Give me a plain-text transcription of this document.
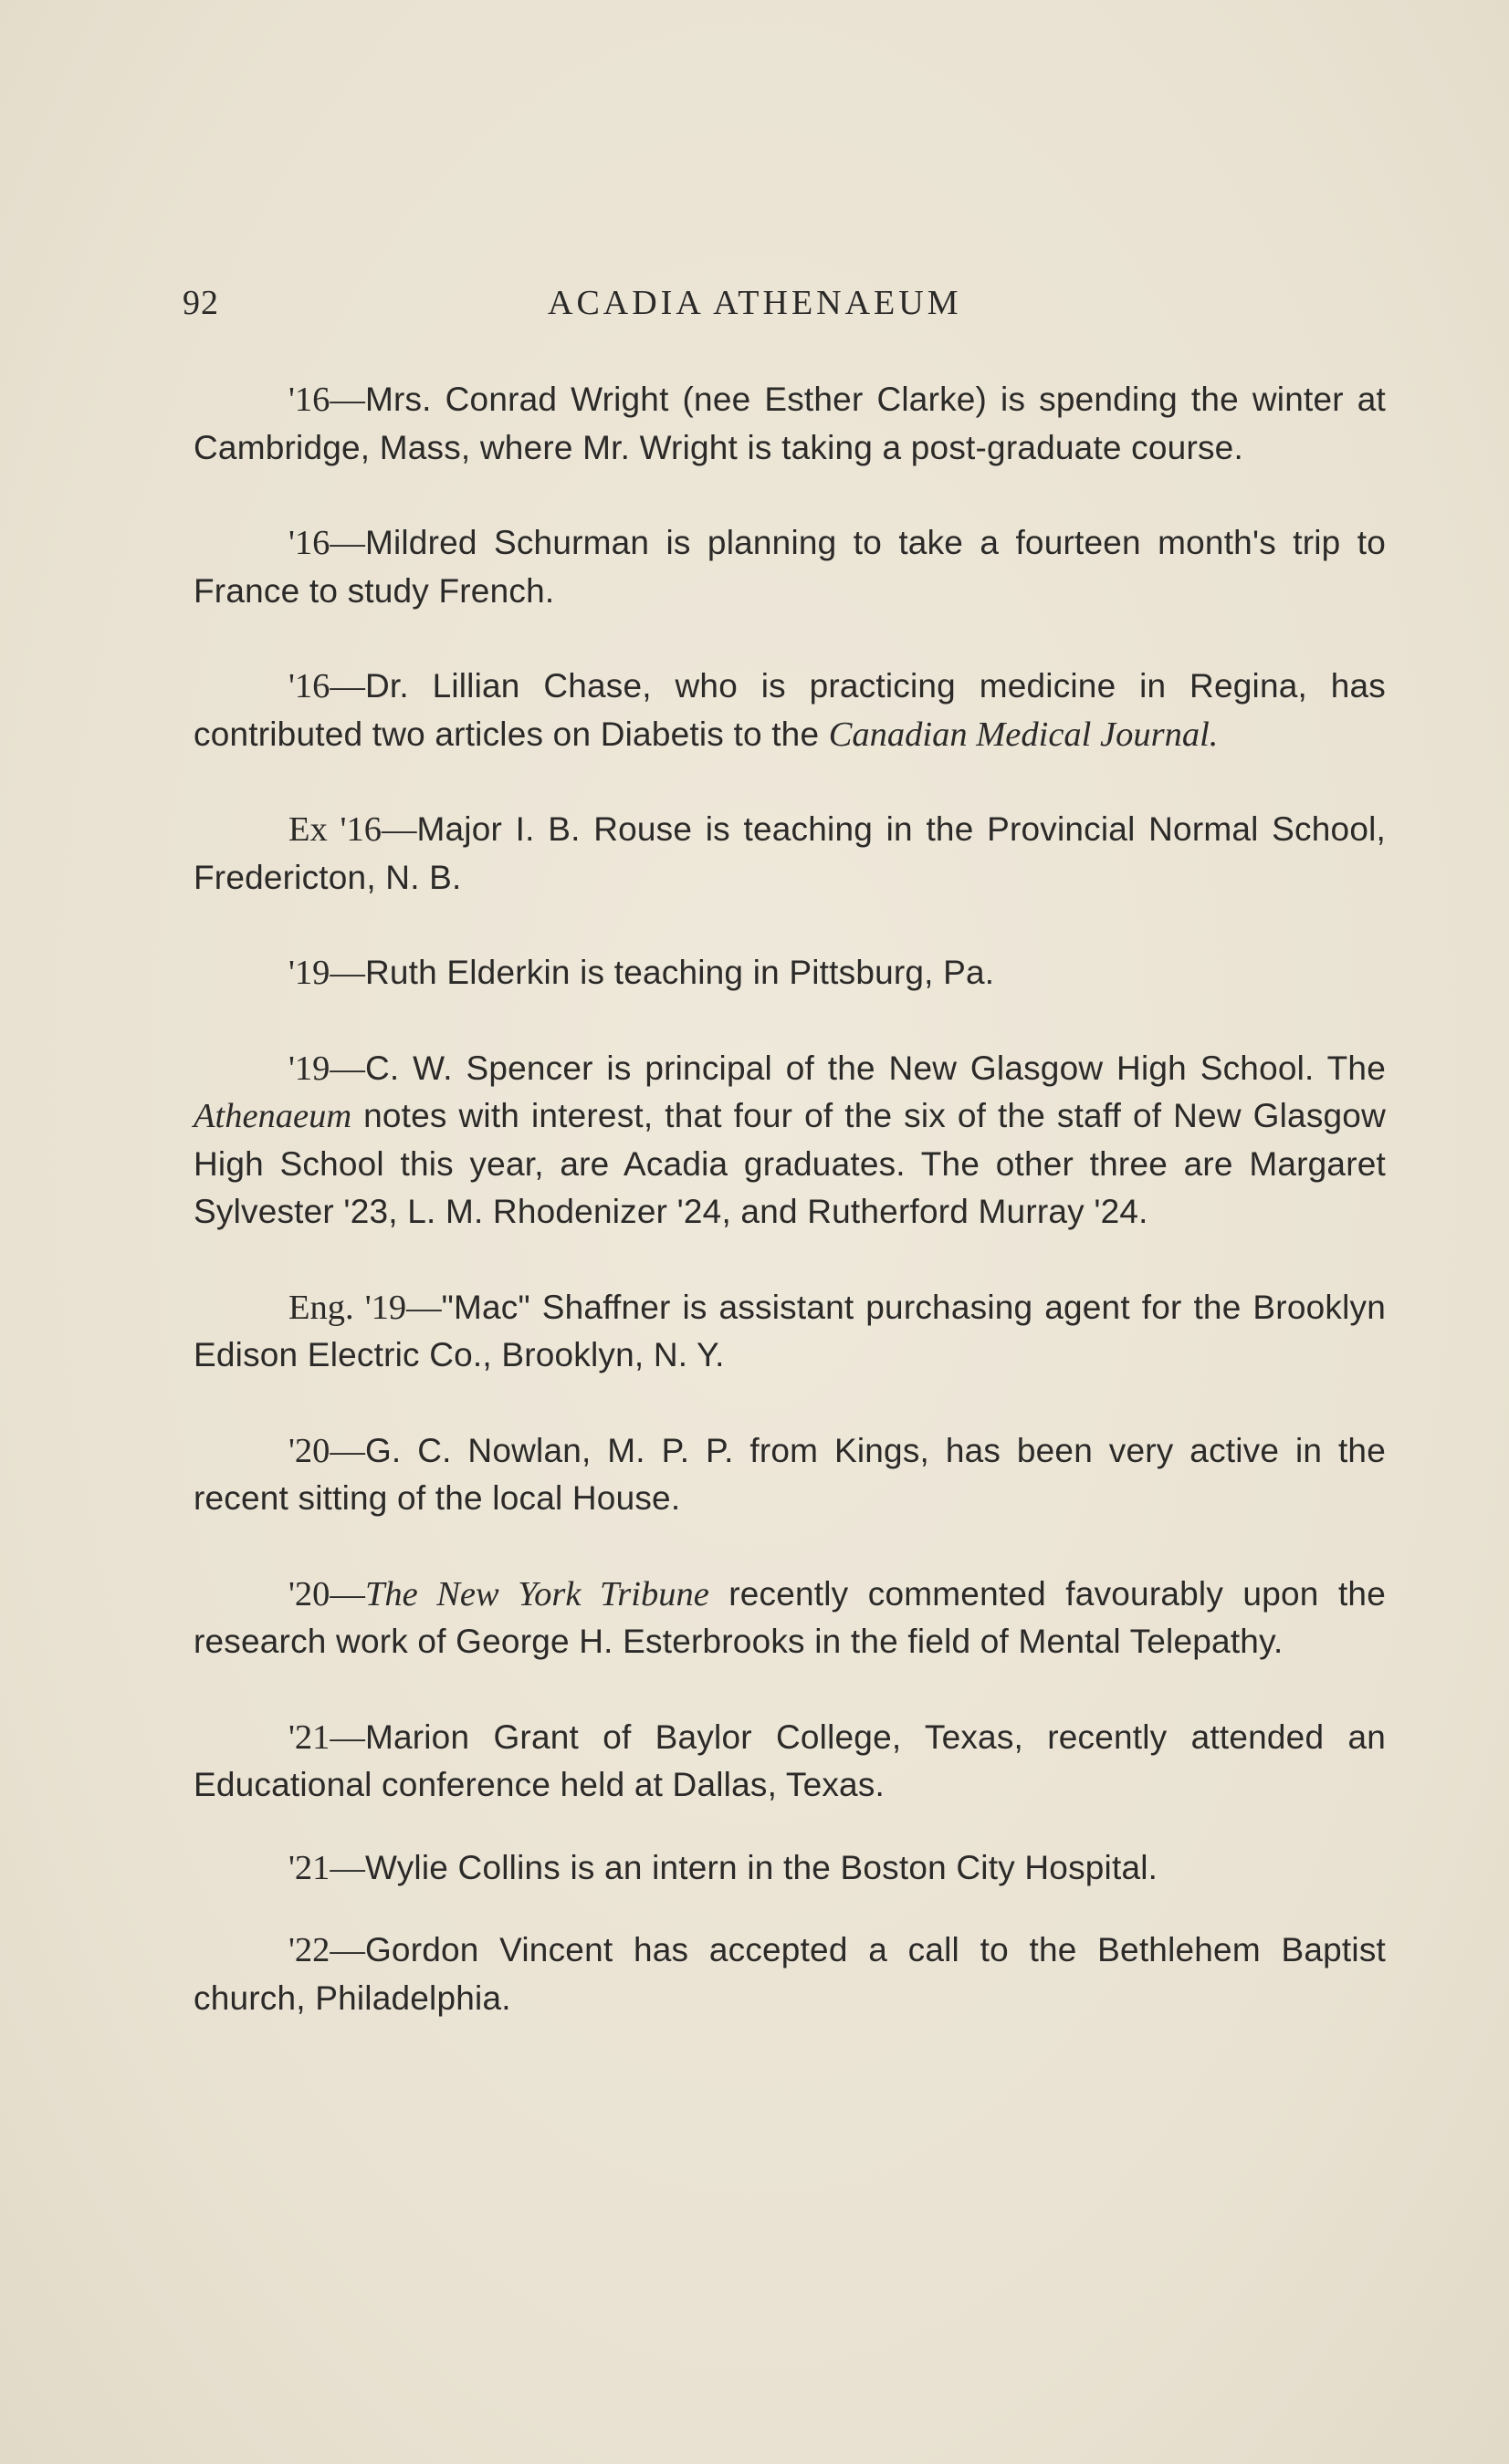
92	ACADIA ATHENAEUM

'16—Mrs. Conrad Wright (nee Esther Clarke) is spending the winter at Cambridge, Mass, where Mr. Wright is taking a post-graduate course.

'16—Mildred Schurman is planning to take a fourteen month's trip to France to study French.

'16—Dr. Lillian Chase, who is practicing medicine in Regina, has contributed two articles on Diabetis to the Canadian Medical Journal.

Ex '16—Major I. B. Rouse is teaching in the Provincial Normal School, Fredericton, N. B.

'19—Ruth Elderkin is teaching in Pittsburg, Pa.

'19—C. W. Spencer is principal of the New Glasgow High School. The Athenaeum notes with interest, that four of the six of the staff of New Glasgow High School this year, are Acadia graduates. The other three are Margaret Sylvester '23, L. M. Rhodenizer '24, and Rutherford Murray '24.

Eng. '19—"Mac" Shaffner is assistant purchasing agent for the Brooklyn Edison Electric Co., Brooklyn, N. Y.

'20—G. C. Nowlan, M. P. P. from Kings, has been very active in the recent sitting of the local House.

'20—The New York Tribune recently commented favourably upon the research work of George H. Esterbrooks in the field of Mental Telepathy.

'21—Marion Grant of Baylor College, Texas, recently attended an Educational conference held at Dallas, Texas.

'21—Wylie Collins is an intern in the Boston City Hospital.

'22—Gordon Vincent has accepted a call to the Bethlehem Baptist church, Philadelphia.
